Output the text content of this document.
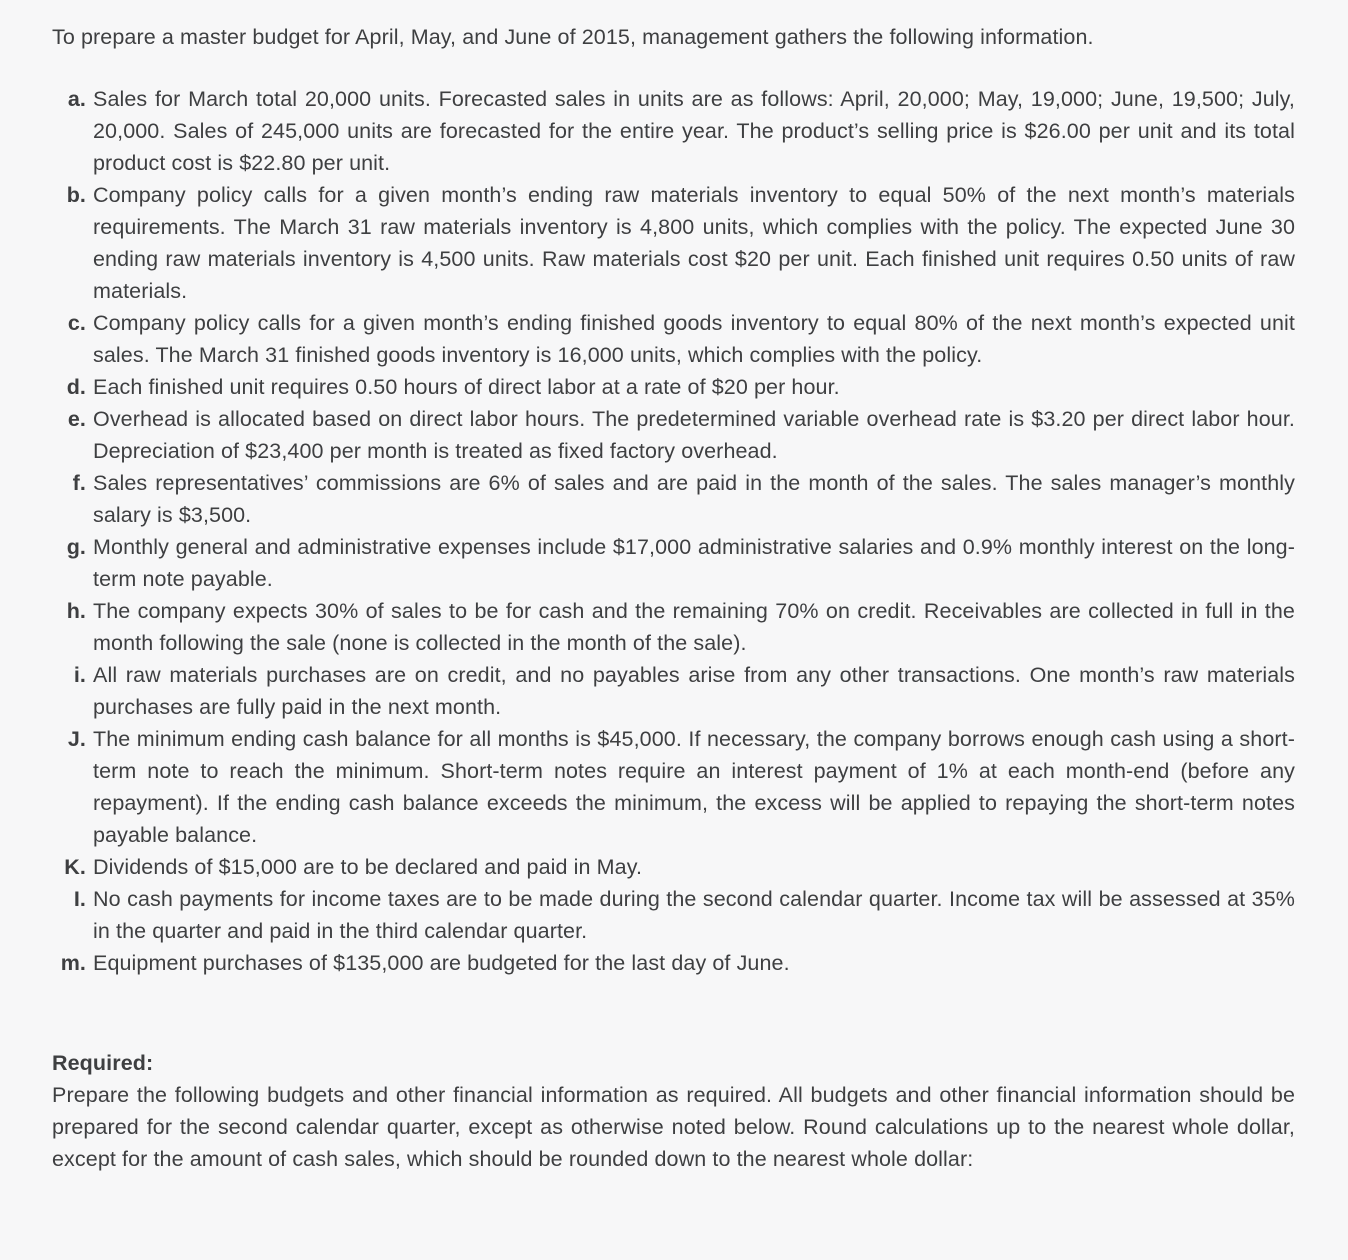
To prepare a master budget for April, May, and June of 2015, management gathers the following information.

a. Sales for March total 20,000 units. Forecasted sales in units are as follows: April, 20,000; May, 19,000; June, 19,500; July, 20,000. Sales of 245,000 units are forecasted for the entire year. The product’s selling price is $26.00 per unit and its total product cost is $22.80 per unit.
b. Company policy calls for a given month’s ending raw materials inventory to equal 50% of the next month’s materials requirements. The March 31 raw materials inventory is 4,800 units, which complies with the policy. The expected June 30 ending raw materials inventory is 4,500 units. Raw materials cost $20 per unit. Each finished unit requires 0.50 units of raw materials.
c. Company policy calls for a given month’s ending finished goods inventory to equal 80% of the next month’s expected unit sales. The March 31 finished goods inventory is 16,000 units, which complies with the policy.
d. Each finished unit requires 0.50 hours of direct labor at a rate of $20 per hour.
e. Overhead is allocated based on direct labor hours. The predetermined variable overhead rate is $3.20 per direct labor hour. Depreciation of $23,400 per month is treated as fixed factory overhead.
f. Sales representatives’ commissions are 6% of sales and are paid in the month of the sales. The sales manager’s monthly salary is $3,500.
g. Monthly general and administrative expenses include $17,000 administrative salaries and 0.9% monthly interest on the long-term note payable.
h. The company expects 30% of sales to be for cash and the remaining 70% on credit. Receivables are collected in full in the month following the sale (none is collected in the month of the sale).
i. All raw materials purchases are on credit, and no payables arise from any other transactions. One month’s raw materials purchases are fully paid in the next month.
J. The minimum ending cash balance for all months is $45,000. If necessary, the company borrows enough cash using a short-term note to reach the minimum. Short-term notes require an interest payment of 1% at each month-end (before any repayment). If the ending cash balance exceeds the minimum, the excess will be applied to repaying the short-term notes payable balance.
K. Dividends of $15,000 are to be declared and paid in May.
I. No cash payments for income taxes are to be made during the second calendar quarter. Income tax will be assessed at 35% in the quarter and paid in the third calendar quarter.
m. Equipment purchases of $135,000 are budgeted for the last day of June.

Required:

Prepare the following budgets and other financial information as required. All budgets and other financial information should be prepared for the second calendar quarter, except as otherwise noted below. Round calculations up to the nearest whole dollar, except for the amount of cash sales, which should be rounded down to the nearest whole dollar:
